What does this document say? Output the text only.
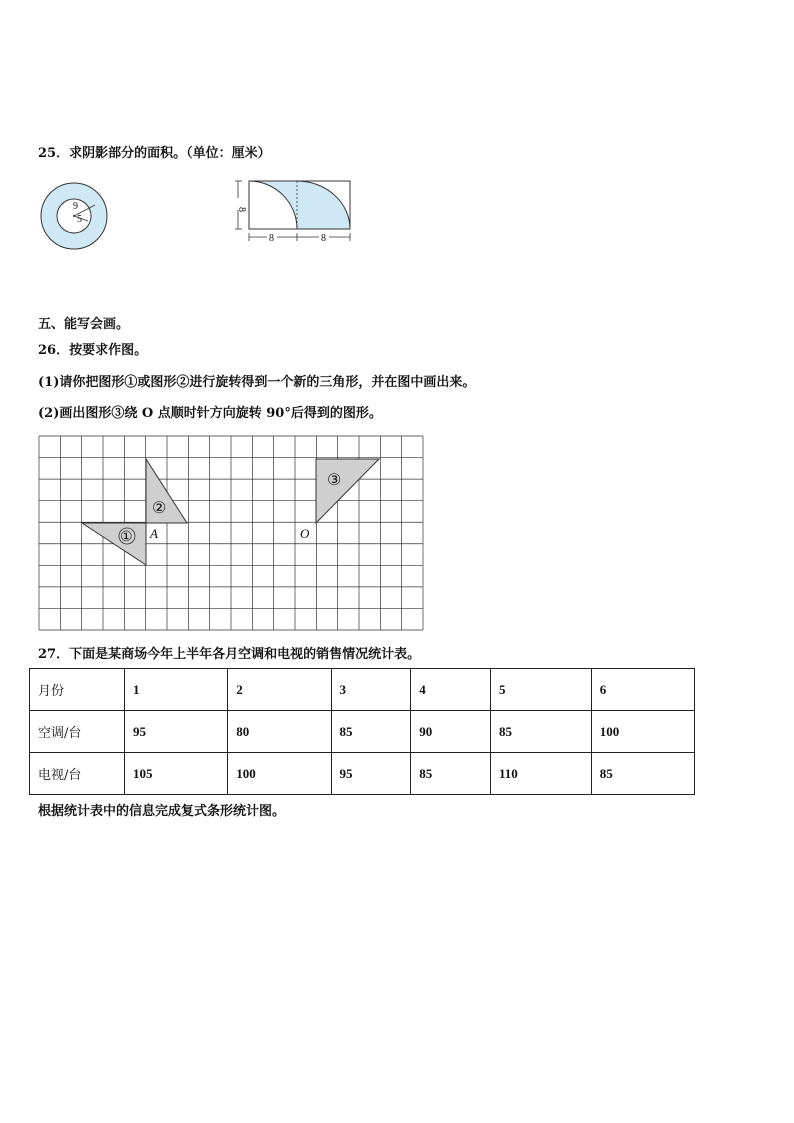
25．求阴影部分的面积。（单位：厘米）
9
5
8
8	8
五、能写会画。
26．按要求作图。
(1)请你把图形①或图形②进行旋转得到一个新的三角形，并在图中画出来。
(2)画出图形③绕 O 点顺时针方向旋转 90°后得到的图形。
①
②
③
A	O
27．下面是某商场今年上半年各月空调和电视的销售情况统计表。
月份	1	2	3	4	5	6
空调/台	95	80	85	90	85	100
电视/台	105	100	95	85	110	85
根据统计表中的信息完成复式条形统计图。
